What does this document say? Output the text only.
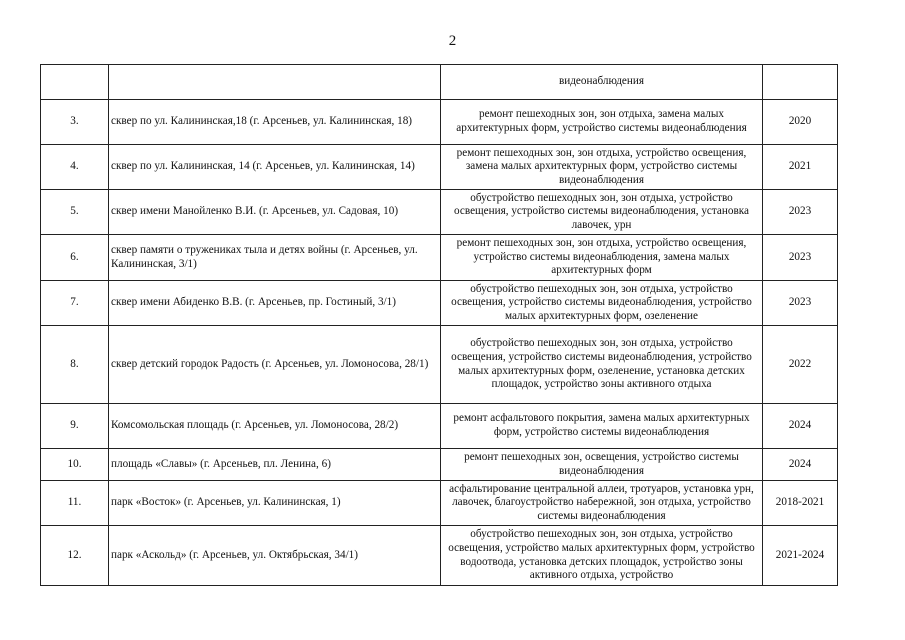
2
		видеонаблюдения	
3.	сквер по ул. Калининская,18 (г. Арсеньев, ул. Калининская, 18)	ремонт пешеходных зон, зон отдыха, замена малых архитектурных форм, устройство системы видеонаблюдения	2020
4.	сквер по ул. Калининская, 14 (г. Арсеньев, ул. Калининская, 14)	ремонт пешеходных зон, зон отдыха, устройство освещения, замена малых архитектурных форм, устройство системы видеонаблюдения	2021
5.	сквер имени Манойленко В.И. (г. Арсеньев, ул. Садовая, 10)	обустройство пешеходных зон, зон отдыха, устройство освещения, устройство системы видеонаблюдения, установка лавочек, урн	2023
6.	сквер памяти о тружениках тыла и детях войны (г. Арсеньев, ул. Калининская, 3/1)	ремонт пешеходных зон, зон отдыха, устройство освещения, устройство системы видеонаблюдения, замена малых архитектурных форм	2023
7.	сквер имени Абиденко В.В. (г. Арсеньев, пр. Гостиный, 3/1)	обустройство пешеходных зон, зон отдыха, устройство освещения, устройство системы видеонаблюдения, устройство малых архитектурных форм, озеленение	2023
8.	сквер детский городок Радость (г. Арсеньев, ул. Ломоносова, 28/1)	обустройство пешеходных зон, зон отдыха, устройство освещения, устройство системы видеонаблюдения, устройство малых архитектурных форм, озеленение, установка детских площадок, устройство зоны активного отдыха	2022
9.	Комсомольская площадь (г. Арсеньев, ул. Ломоносова, 28/2)	ремонт асфальтового покрытия, замена малых архитектурных форм, устройство системы видеонаблюдения	2024
10.	площадь «Славы» (г. Арсеньев, пл. Ленина, 6)	ремонт пешеходных зон, освещения, устройство системы видеонаблюдения	2024
11.	парк «Восток» (г. Арсеньев, ул. Калининская, 1)	асфальтирование центральной аллеи, тротуаров, установка урн, лавочек, благоустройство набережной, зон отдыха, устройство системы видеонаблюдения	2018-2021
12.	парк «Аскольд» (г. Арсеньев, ул. Октябрьская, 34/1)	обустройство пешеходных зон, зон отдыха, устройство освещения, устройство малых архитектурных форм, устройство водоотвода, установка детских площадок, устройство зоны активного отдыха, устройство	2021-2024
